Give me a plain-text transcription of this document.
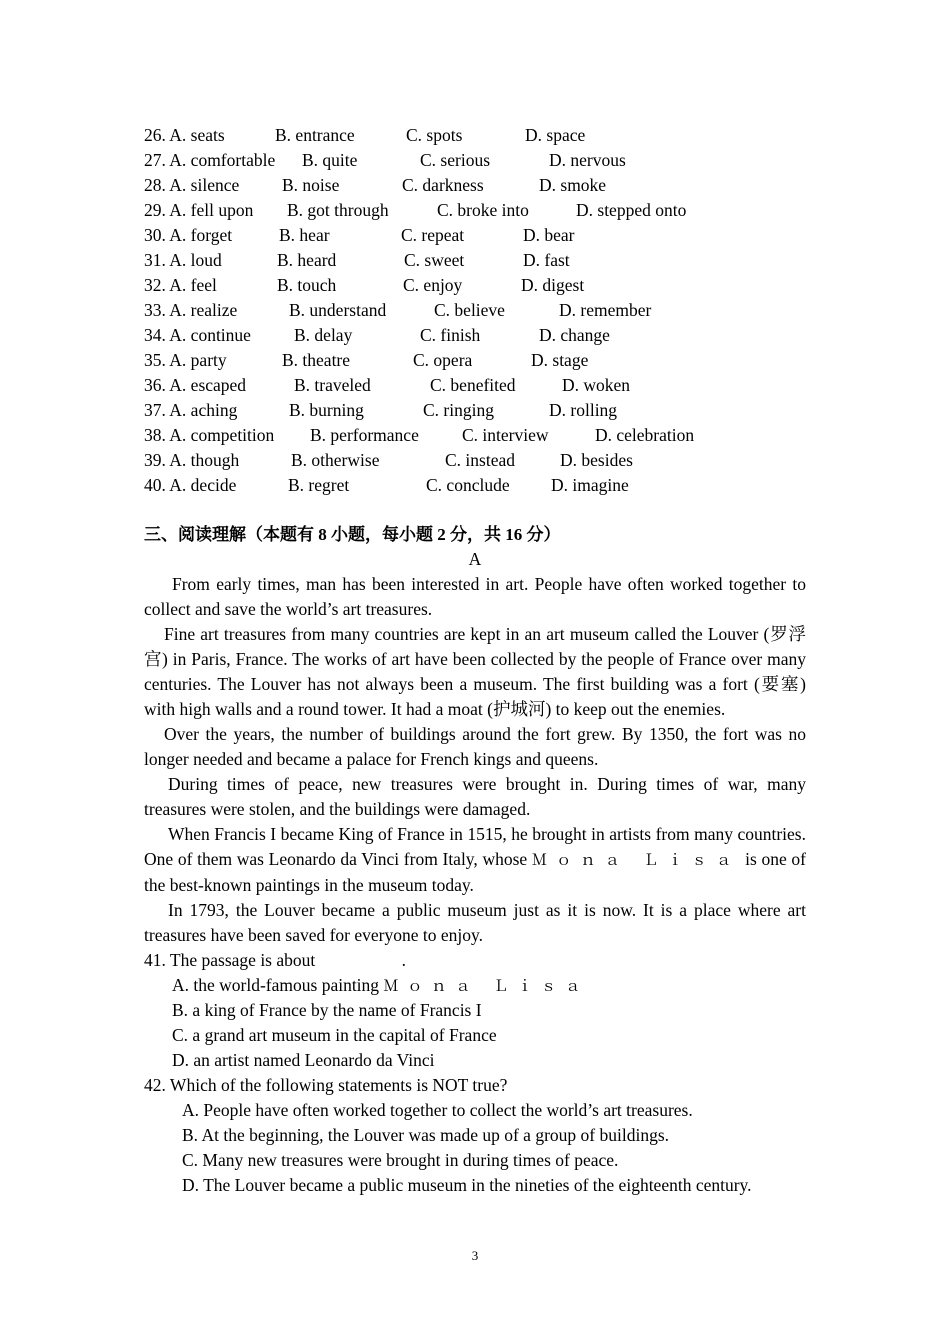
26. A. seats	B. entrance	C. spots	D. space
27. A. comfortable B. quite	C. serious	D. nervous
28. A. silence B. noise	C. darkness	D. smoke
29. A. fell upon B. got through	C. broke into	D. stepped onto
30. A. forget	B. hear	C. repeat	D. bear
31. A. loud	B. heard	C. sweet	D. fast
32. A. feel	B. touch	C. enjoy	D. digest
33. A. realize	B. understand	C. believe	D. remember
34. A. continue B. delay	C. finish	D. change
35. A. party	B. theatre	C. opera	D. stage
36. A. escaped	B. traveled	C. benefited	D. woken
37. A. aching	B. burning	C. ringing	D. rolling
38. A. competition B. performance C. interview	D. celebration
39. A. though	B. otherwise	C. instead	D. besides
40. A. decide	B. regret	C. conclude D. imagine
三、阅读理解（本题有 8 小题，每小题 2 分，共 16 分）
A
From early times, man has been interested in art. People have often worked together to collect and save the world’s art treasures.
Fine art treasures from many countries are kept in an art museum called the Louver (罗浮宫) in Paris, France. The works of art have been collected by the people of France over many centuries. The Louver has not always been a museum. The first building was a fort (要塞) with high walls and a round tower. It had a moat (护城河) to keep out the enemies.
Over the years, the number of buildings around the fort grew. By 1350, the fort was no longer needed and became a palace for French kings and queens.
During times of peace, new treasures were brought in. During times of war, many treasures were stolen, and the buildings were damaged.
When Francis I became King of France in 1515, he brought in artists from many countries. One of them was Leonardo da Vinci from Italy, whose Ｍｏｎａ Ｌｉｓａ is one of the best-known paintings in the museum today.
In 1793, the Louver became a public museum just as it is now. It is a place where art treasures have been saved for everyone to enjoy.
41. The passage is about	.
A. the world-famous painting Ｍｏｎａ Ｌｉｓａ
B. a king of France by the name of Francis I
C. a grand art museum in the capital of France
D. an artist named Leonardo da Vinci
42. Which of the following statements is NOT true?
A. People have often worked together to collect the world’s art treasures.
B. At the beginning, the Louver was made up of a group of buildings.
C. Many new treasures were brought in during times of peace.
D. The Louver became a public museum in the nineties of the eighteenth century.
3
